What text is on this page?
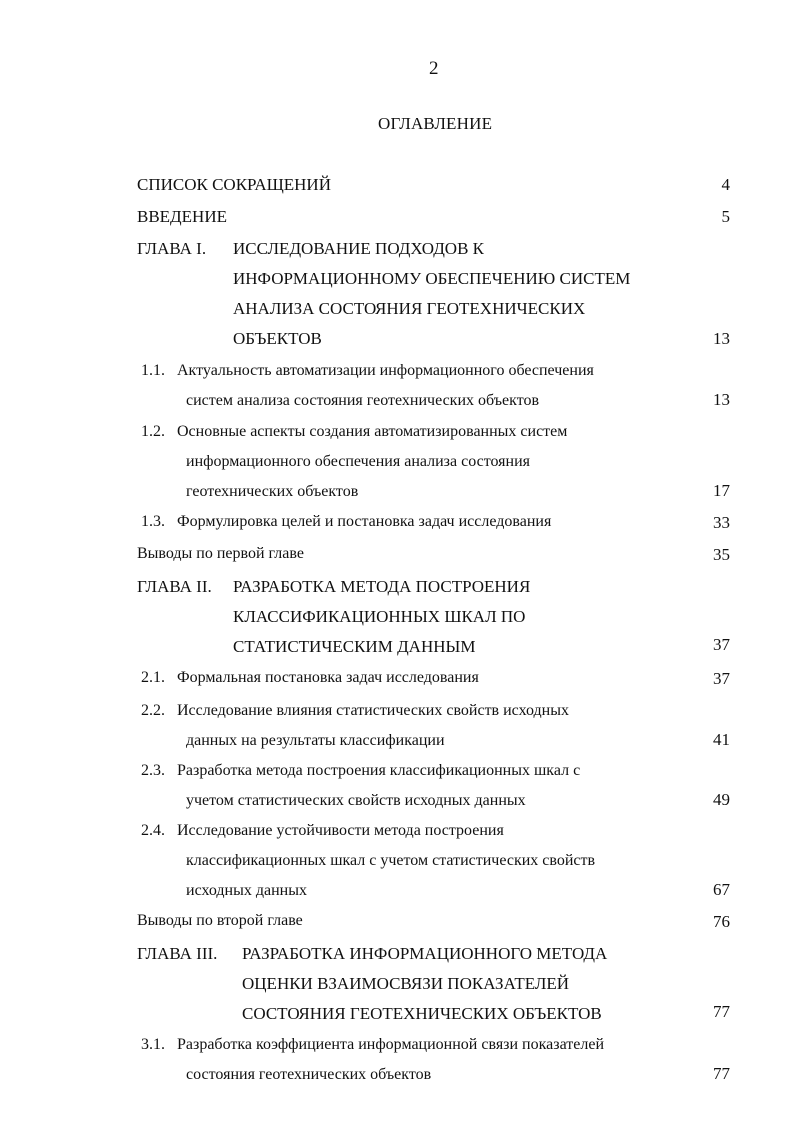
2
ОГЛАВЛЕНИЕ
СПИСОК СОКРАЩЕНИЙ	4
ВВЕДЕНИЕ	5
ГЛАВА I. ИССЛЕДОВАНИЕ ПОДХОДОВ К
ИНФОРМАЦИОННОМУ ОБЕСПЕЧЕНИЮ СИСТЕМ
АНАЛИЗА СОСТОЯНИЯ ГЕОТЕХНИЧЕСКИХ
ОБЪЕКТОВ	13
1.1. Актуальность автоматизации информационного обеспечения
систем анализа состояния геотехнических объектов	13
1.2. Основные аспекты создания автоматизированных систем
информационного обеспечения анализа состояния
геотехнических объектов	17
1.3. Формулировка целей и постановка задач исследования	33
Выводы по первой главе	35
ГЛАВА II. РАЗРАБОТКА МЕТОДА ПОСТРОЕНИЯ
КЛАССИФИКАЦИОННЫХ ШКАЛ ПО
СТАТИСТИЧЕСКИМ ДАННЫМ	37
2.1. Формальная постановка задач исследования	37
2.2. Исследование влияния статистических свойств исходных
данных на результаты классификации	41
2.3. Разработка метода построения классификационных шкал с
учетом статистических свойств исходных данных	49
2.4. Исследование устойчивости метода построения
классификационных шкал с учетом статистических свойств
исходных данных	67
Выводы по второй главе	76
ГЛАВА III. РАЗРАБОТКА ИНФОРМАЦИОННОГО МЕТОДА
ОЦЕНКИ ВЗАИМОСВЯЗИ ПОКАЗАТЕЛЕЙ
СОСТОЯНИЯ ГЕОТЕХНИЧЕСКИХ ОБЪЕКТОВ	77
3.1. Разработка коэффициента информационной связи показателей
состояния геотехнических объектов	77
